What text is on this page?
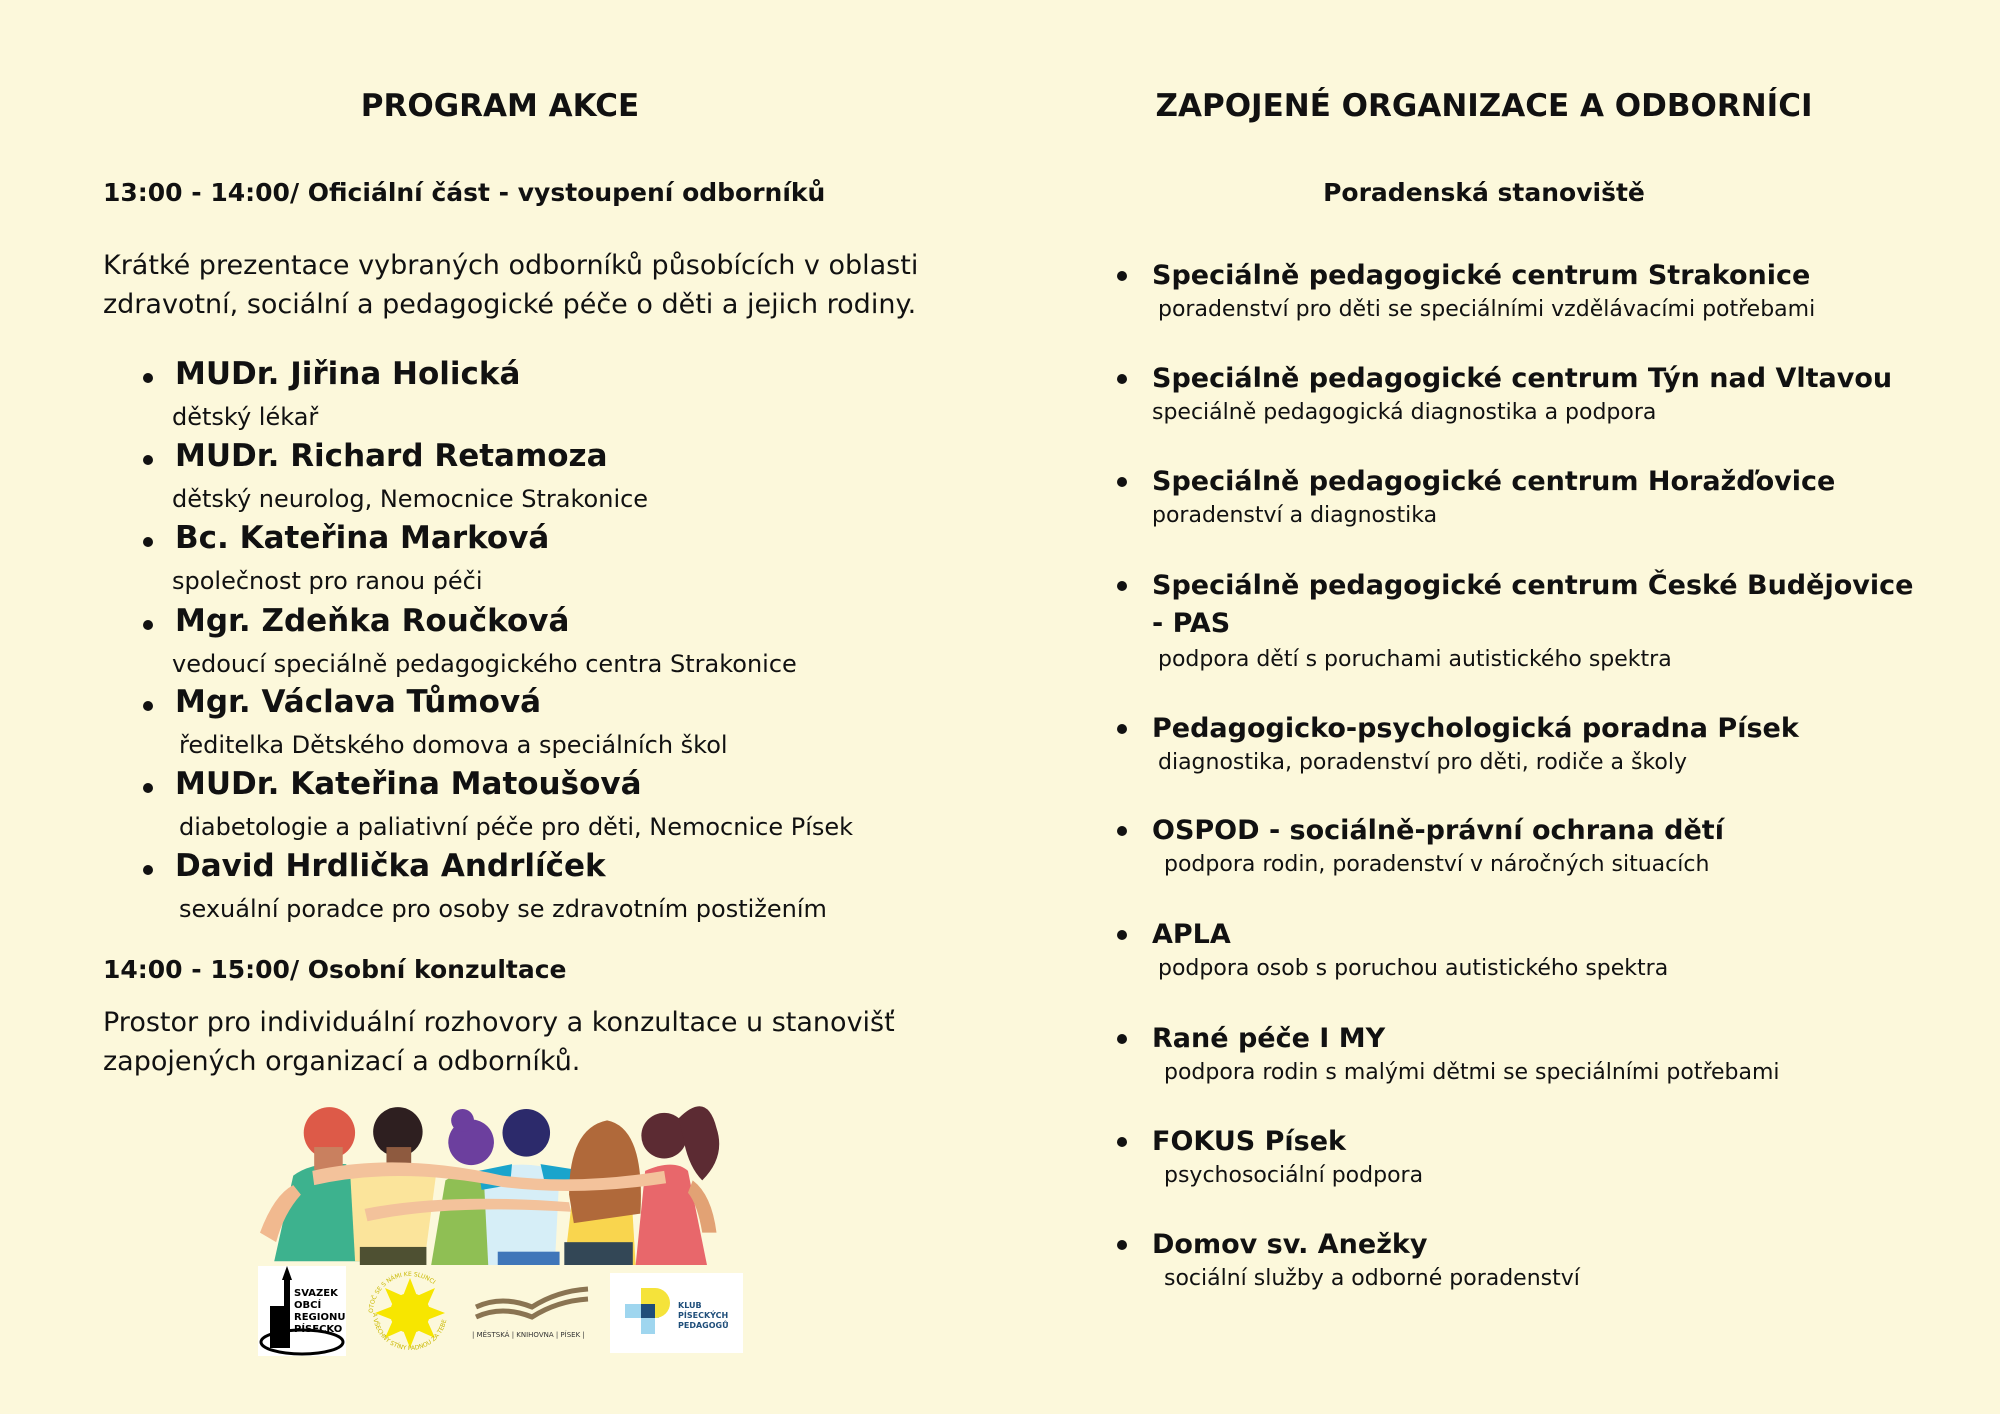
PROGRAM AKCE
13:00 - 14:00/ Oficiální část - vystoupení odborníků
Krátké prezentace vybraných odborníků působících v oblasti
zdravotní, sociální a pedagogické péče o děti a jejich rodiny.
MUDr. Jiřina Holická
dětský lékař
MUDr. Richard Retamoza
dětský neurolog, Nemocnice Strakonice
Bc. Kateřina Marková
společnost pro ranou péči
Mgr. Zdeňka Roučková
vedoucí speciálně pedagogického centra Strakonice
Mgr. Václava Tůmová
ředitelka Dětského domova a speciálních škol
MUDr. Kateřina Matoušová
diabetologie a paliativní péče pro děti, Nemocnice Písek
David Hrdlička Andrlíček
sexuální poradce pro osoby se zdravotním postižením
14:00 - 15:00/ Osobní konzultace
Prostor pro individuální rozhovory a konzultace u stanovišť
zapojených organizací a odborníků.
SVAZEK
OBCÍ
REGIONU
PÍSECKO
OTOČ SE S NÁMI KE SLUNCI
A VŠECHNY STÍNY PADNOU ZA TEBE
| MĚSTSKÁ | KNIHOVNA | PÍSEK |
KLUB
PÍSECKÝCH
PEDAGOGŮ
ZAPOJENÉ ORGANIZACE A ODBORNÍCI
Poradenská stanoviště
Speciálně pedagogické centrum Strakonice
poradenství pro děti se speciálními vzdělávacími potřebami
Speciálně pedagogické centrum Týn nad Vltavou
speciálně pedagogická diagnostika a podpora
Speciálně pedagogické centrum Horažďovice
poradenství a diagnostika
Speciálně pedagogické centrum České Budějovice
- PAS
podpora dětí s poruchami autistického spektra
Pedagogicko-psychologická poradna Písek
diagnostika, poradenství pro děti, rodiče a školy
OSPOD - sociálně-právní ochrana dětí
podpora rodin, poradenství v náročných situacích
APLA
podpora osob s poruchou autistického spektra
Rané péče I MY
podpora rodin s malými dětmi se speciálními potřebami
FOKUS Písek
psychosociální podpora
Domov sv. Anežky
sociální služby a odborné poradenství
